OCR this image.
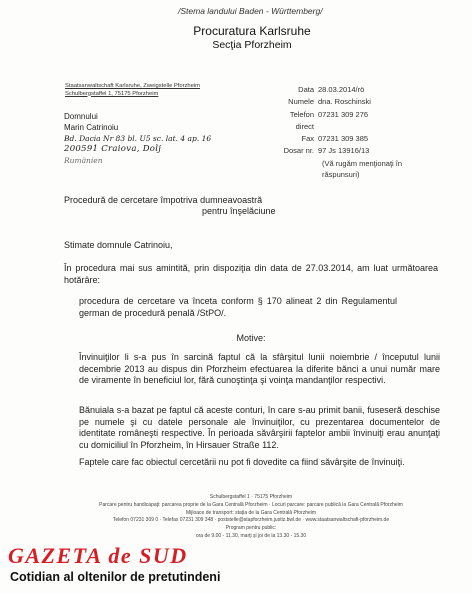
/Stema landului Baden - Württemberg/
Procuratura Karlsruhe
Secţia Pforzheim
Staatsanwaltschaft Karlsruhe, Zweigstelle Pforzheim
Schulbergstaffel 1, 75175 Pforzheim
Domnului
Marin Catrinoiu
Bd. Dacia Nr 83 bl. U5 sc. lat. 4 ap. 16
200591 Craiova, Dolj
Rumänien
Data 28.03.2014/rö
Numele dna. Roschinski
Telefon direct
07231 309 276
Fax 07231 309 385
Dosar nr. 97 Js 13916/13
(Vă rugăm menţionaţi în
răspunsuri)
Procedură de cercetare împotriva dumneavoastră
pentru înşelăciune
Stimate domnule Catrinoiu,
În procedura mai sus amintită, prin dispoziţia din data de 27.03.2014, am luat următoarea hotărâre:
procedura de cercetare va înceta conform § 170 alineat 2 din Regulamentul german de procedură penală /StPO/.
Motive:
Învinuiţilor li s-a pus în sarcină faptul că la sfârşitul lunii noiembrie / începutul lunii decembrie 2013 au dispus din Pforzheim efectuarea la diferite bănci a unui număr mare de viramente în beneficiul lor, fără cunoştinţa şi voinţa mandanţilor respectivi.
Bănuiala s-a bazat pe faptul că aceste conturi, în care s-au primit banii, fuseseră deschise pe numele şi cu datele personale ale învinuiţilor, cu prezentarea documentelor de identitate româneşti respective. În perioada săvârşirii faptelor ambii învinuiţi erau anunţaţi cu domiciliul în Pforzheim, în Hirsauer Straße 112.
Faptele care fac obiectul cercetării nu pot fi dovedite ca fiind săvârşite de învinuiţi.
Schulbergstaffel 1 · 75175 Pforzheim
Parcare pentru handicapaţi: parcarea proprie de la Gara Centrală Pforzheim · Locuri parcare: parcare publică la Gara Centrală Pforzheim
Mijloace de transport: staţia de la Gara Centrală Pforzheim
Telefon 07231 309 0 · Telefax 07231 309 348 · poststelle@stapforzheim.justiz.bwl.de · www.staatsanwaltschaft-pforzheim.de
Program pentru public:
ora de 9.00 - 11.30, marţi şi joi de la 13.30 - 15.30
GAZETA de SUD
Cotidian al oltenilor de pretutindeni
